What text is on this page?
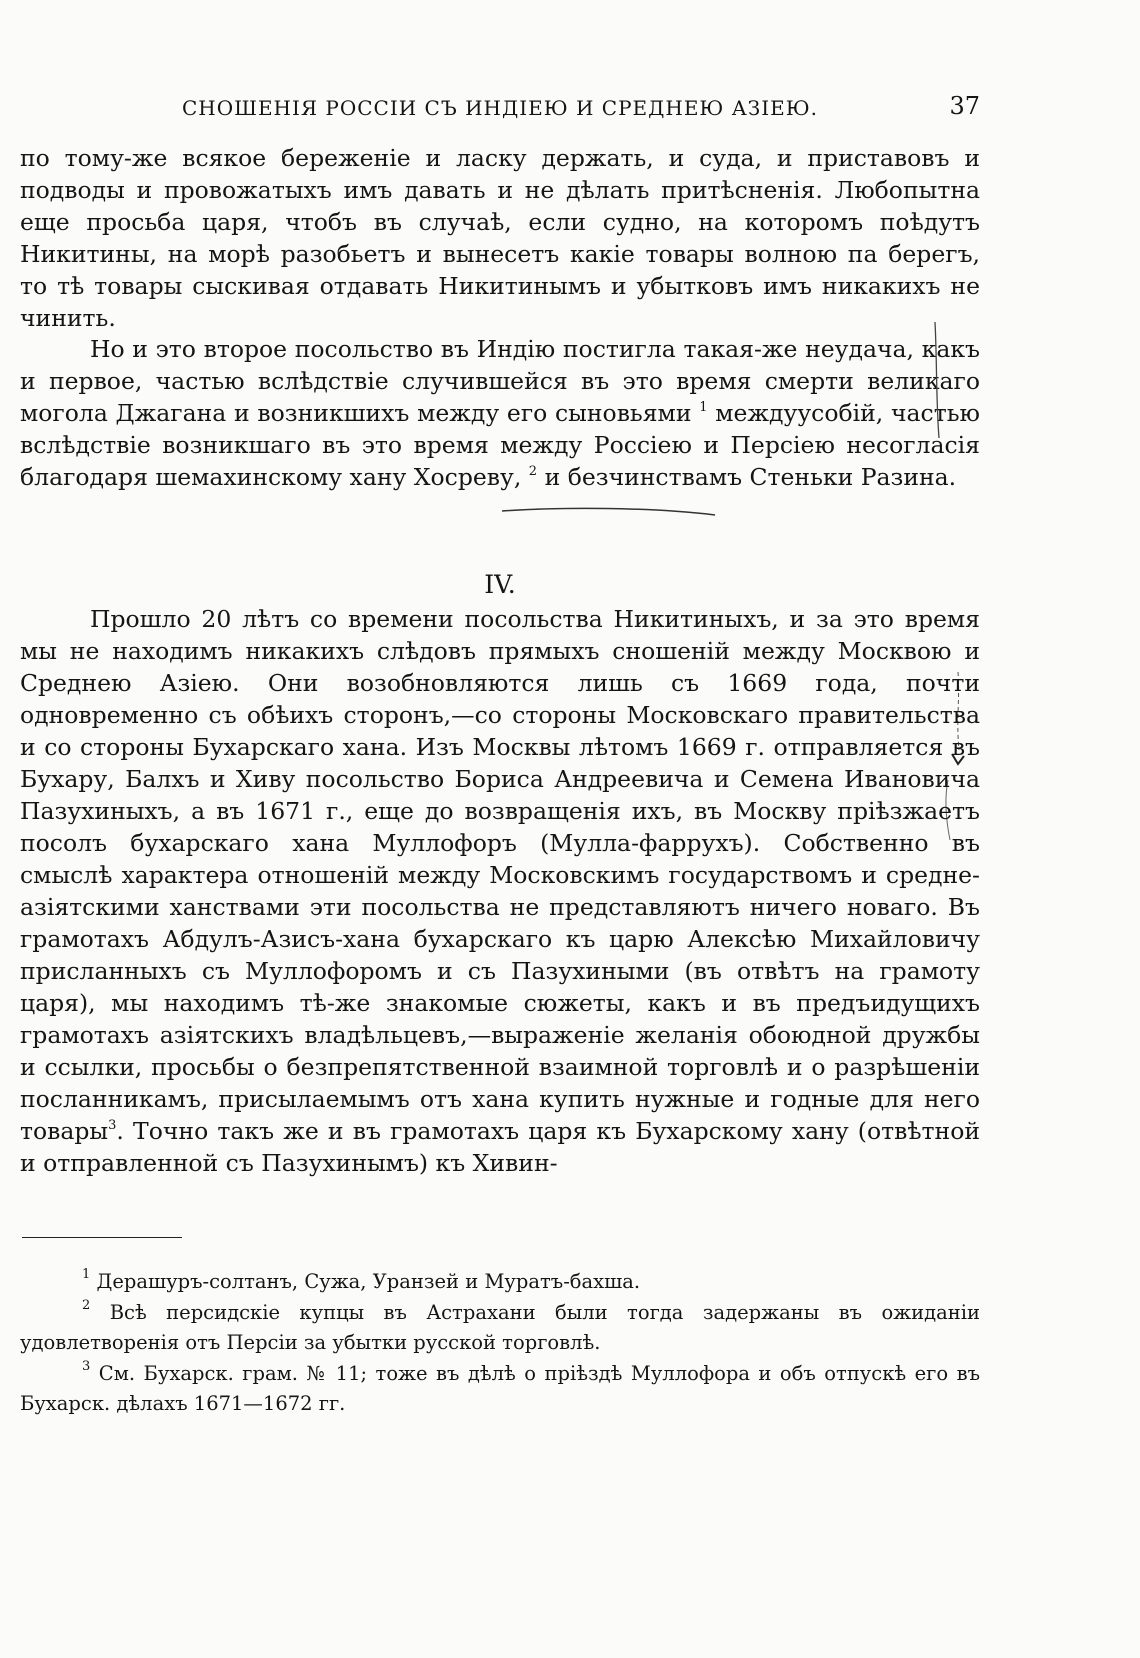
СНОШЕНІЯ РОССІИ СЪ ИНДІЕЮ И СРЕДНЕЮ АЗІЕЮ.	37

по тому-же всякое береженіе и ласку держать, и суда, и приставовъ и подводы и провожатыхъ имъ давать и не дѣлать притѣсненія. Любопытна еще просьба царя, чтобъ въ случаѣ, если судно, на которомъ поѣдутъ Никитины, на морѣ разобьетъ и вынесетъ какіе товары волною па берегъ, то тѣ товары сыскивая отдавать Никитинымъ и убытковъ имъ никакихъ не чинить.

Но и это второе посольство въ Индію постигла такая-же неудача, какъ и первое, частью вслѣдствіе случившейся въ это время смерти великаго могола Джагана и возникшихъ между его сыновьями $^1$ междуусобій, частью вслѣдствіе возникшаго въ это время между Россіею и Персіею несогласія благодаря шемахинскому хану Хосреву, $^2$ и безчинствамъ Стеньки Разина.

IV.

Прошло 20 лѣтъ со времени посольства Никитиныхъ, и за это время мы не находимъ никакихъ слѣдовъ прямыхъ сношеній между Москвою и Среднею Азіею. Они возобновляются лишь съ 1669 года, почти одновременно съ обѣихъ сторонъ,—со стороны Московскаго правительства и со стороны Бухарскаго хана. Изъ Москвы лѣтомъ 1669 г. отправляется въ Бухару, Балхъ и Хиву посольство Бориса Андреевича и Семена Ивановича Пазухиныхъ, а въ 1671 г., еще до возвращенія ихъ, въ Москву пріѣзжаетъ посолъ бухарскаго хана Муллофоръ (Мулла-фаррухъ). Собственно въ смыслѣ характера отношеній между Московскимъ государствомъ и средне-азіятскими ханствами эти посольства не представляютъ ничего новаго. Въ грамотахъ Абдулъ-Азисъ-хана бухарскаго къ царю Алексѣю Михайловичу присланныхъ съ Муллофоромъ и съ Пазухиными (въ отвѣтъ на грамоту царя), мы находимъ тѣ-же знакомые сюжеты, какъ и въ предъидущихъ грамотахъ азіятскихъ владѣльцевъ,—выраженіе желанія обоюдной дружбы и ссылки, просьбы о безпрепятственной взаимной торговлѣ и о разрѣшеніи посланникамъ, присылаемымъ отъ хана купить нужные и годные для него товары$^3$. Точно такъ же и въ грамотахъ царя къ Бухарскому хану (отвѣтной и отправленной съ Пазухинымъ) къ Хивин-

$^1$ Дерашуръ-солтанъ, Сужа, Уранзей и Муратъ-бахша.

$^2$ Всѣ персидскіе купцы въ Астрахани были тогда задержаны въ ожиданіи удовлетворенія отъ Персіи за убытки русской торговлѣ.

$^3$ См. Бухарск. грам. № 11; тоже въ дѣлѣ о пріѣздѣ Муллофора и объ отпускѣ его въ Бухарск. дѣлахъ 1671—1672 гг.
